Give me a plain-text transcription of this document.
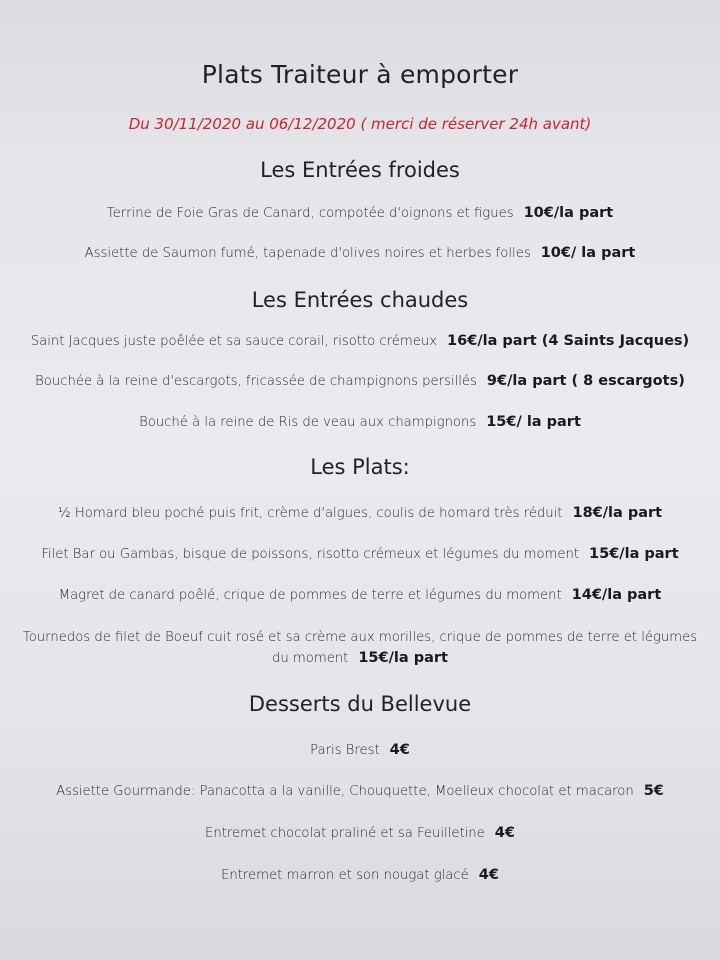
Plats Traiteur à emporter
Du 30/11/2020 au 06/12/2020 ( merci de réserver 24h avant)
Les Entrées froides
Terrine de Foie Gras de Canard, compotée d'oignons et figues 10€/la part
Assiette de Saumon fumé, tapenade d'olives noires et herbes folles 10€/ la part
Les Entrées chaudes
Saint Jacques juste poêlée et sa sauce corail, risotto crémeux 16€/la part (4 Saints Jacques)
Bouchée à la reine d'escargots, fricassée de champignons persillés 9€/la part ( 8 escargots)
Bouché à la reine de Ris de veau aux champignons 15€/ la part
Les Plats:
½ Homard bleu poché puis frit, crème d'algues, coulis de homard très réduit 18€/la part
Filet Bar ou Gambas, bisque de poissons, risotto crémeux et légumes du moment 15€/la part
Magret de canard poêlé, crique de pommes de terre et légumes du moment 14€/la part
Tournedos de filet de Boeuf cuit rosé et sa crème aux morilles, crique de pommes de terre et légumes du moment 15€/la part
Desserts du Bellevue
Paris Brest 4€
Assiette Gourmande: Panacotta a la vanille, Chouquette, Moelleux chocolat et macaron 5€
Entremet chocolat praliné et sa Feuilletine 4€
Entremet marron et son nougat glacé 4€
